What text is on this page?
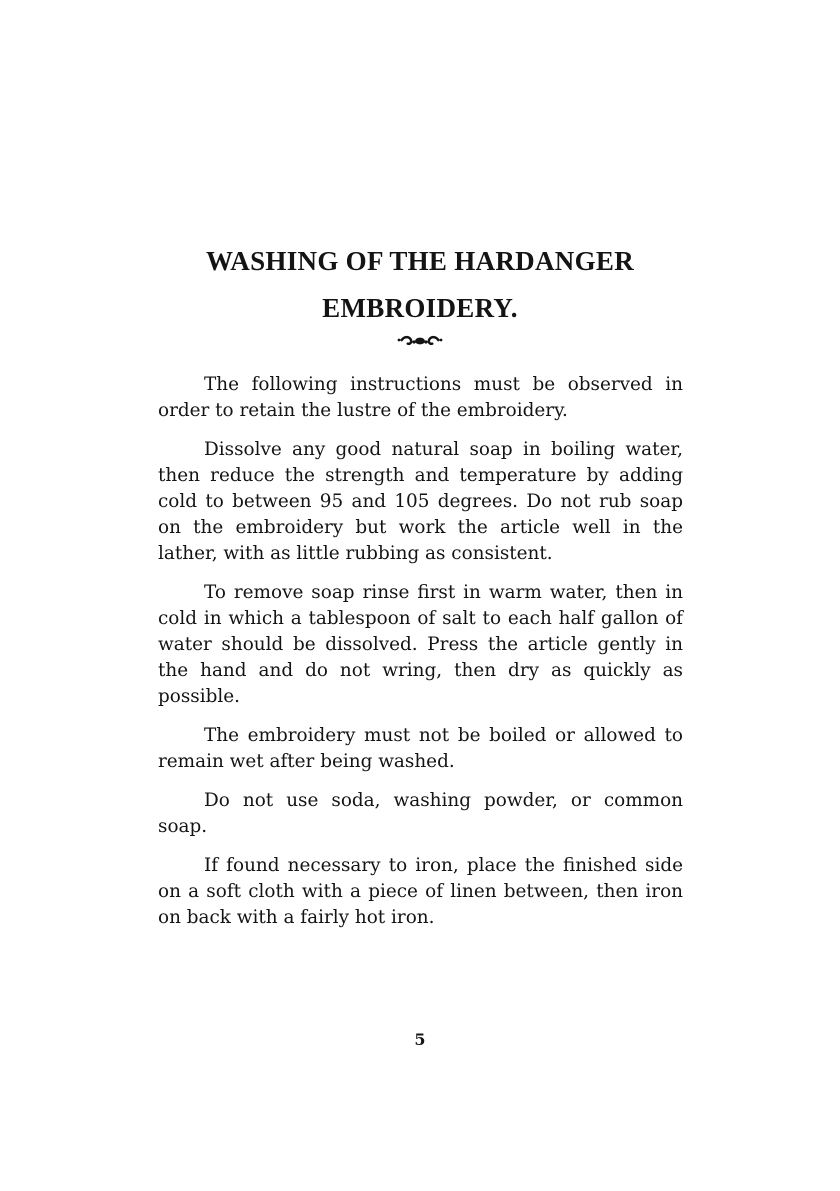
WASHING OF THE HARDANGER
EMBROIDERY.

The following instructions must be observed in order to retain the lustre of the embroidery.

Dissolve any good natural soap in boiling water, then reduce the strength and temperature by adding cold to between 95 and 105 degrees. Do not rub soap on the embroidery but work the article well in the lather, with as little rubbing as consistent.

To remove soap rinse first in warm water, then in cold in which a tablespoon of salt to each half gallon of water should be dissolved. Press the article gently in the hand and do not wring, then dry as quickly as possible.

The embroidery must not be boiled or allowed to remain wet after being washed.

Do not use soda, washing powder, or common soap.

If found necessary to iron, place the finished side on a soft cloth with a piece of linen between, then iron on back with a fairly hot iron.

5
